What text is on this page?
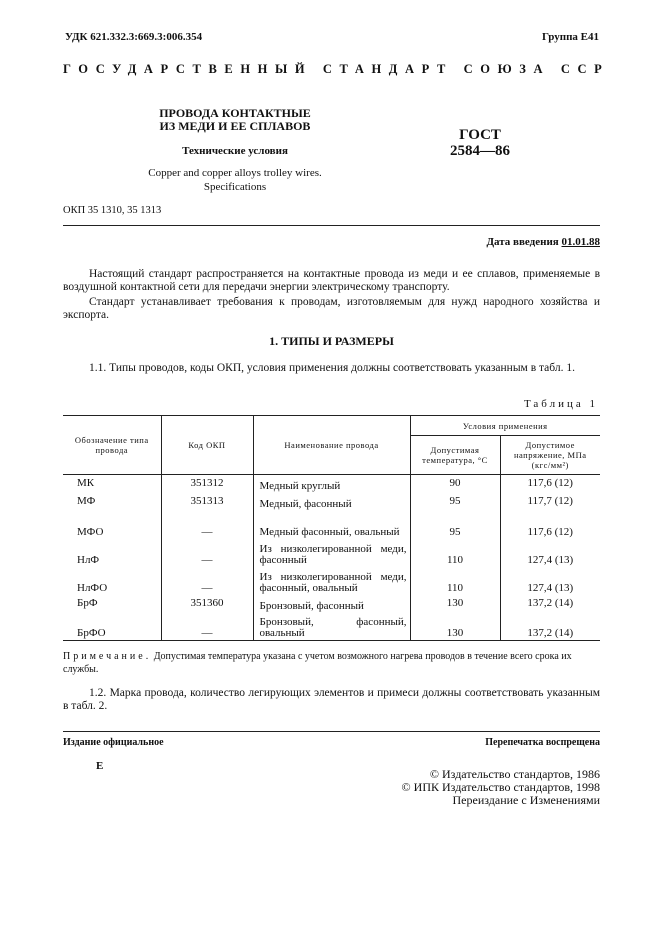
УДК 621.332.3:669.3:006.354	Группа Е41
ГОСУДАРСТВЕННЫЙ СТАНДАРТ СОЮЗА ССР
ПРОВОДА КОНТАКТНЫЕ
ИЗ МЕДИ И ЕЕ СПЛАВОВ
Технические условия
Copper and copper alloys trolley wires.
Specifications
ГОСТ
2584—86
ОКП 35 1310, 35 1313
Дата введения 01.01.88
Настоящий стандарт распространяется на контактные провода из меди и ее сплавов, применяемые в воздушной контактной сети для передачи энергии электрическому транспорту.
Стандарт устанавливает требования к проводам, изготовляемым для нужд народного хозяйства и экспорта.
1. ТИПЫ И РАЗМЕРЫ
1.1. Типы проводов, коды ОКП, условия применения должны соответствовать указанным в табл. 1.
Таблица 1
Обозначение типа провода	Код ОКП	Наименование провода	Условия применения	
			Допустимая температура, °С	Допустимое напряжение, МПа (кгс/мм²)
МК	351312	Медный круглый	90	117,6 (12)
МФ	351313	Медный, фасонный	95	117,7 (12)
МФО	—	Медный фасонный, овальный	95	117,6 (12)
НлФ	—	Из низколегированной меди, фасонный	110	127,4 (13)
НлФО	—	Из низколегированной меди, фасонный, овальный	110	127,4 (13)
БрФ	351360	Бронзовый, фасонный	130	137,2 (14)
БрФО	—	Бронзовый, фасонный, овальный	130	137,2 (14)
Примечание. Допустимая температура указана с учетом возможного нагрева проводов в течение всего срока их службы.
1.2. Марка провода, количество легирующих элементов и примеси должны соответствовать указанным в табл. 2.
Издание официальное	Перепечатка воспрещена
Е
© Издательство стандартов, 1986
© ИПК Издательство стандартов, 1998
Переиздание с Изменениями
